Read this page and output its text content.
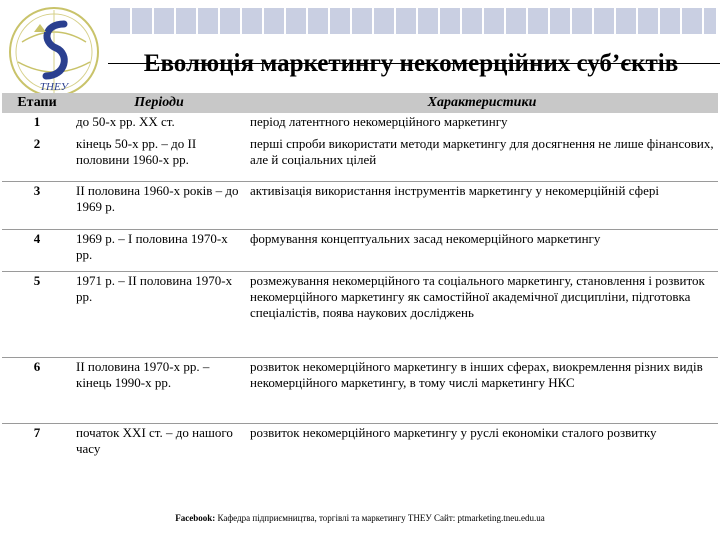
TНЕУ
Еволюція маркетингу некомерційних суб’єктів
Етапи	Періоди	Характеристики
1	до 50-х рр. ХХ ст.	період латентного некомерційного маркетингу
2	кінець 50-х рр. – до ІІ половини 1960-х рр.	перші спроби використати методи маркетингу для досягнення не лише фінансових, але й соціальних цілей
3	ІІ половина 1960-х років – до 1969 р.	активізація використання інструментів маркетингу у некомерційній сфері
4	1969 р. – І половина 1970-х рр.	формування концептуальних засад некомерційного маркетингу
5	1971 р. – ІІ половина 1970-х рр.	розмежування некомерційного та соціального маркетингу, становлення і розвиток некомерційного маркетингу як самостійної академічної дисципліни, підготовка спеціалістів, поява наукових досліджень
6	ІІ половина 1970-х рр. – кінець 1990-х рр.	розвиток некомерційного маркетингу в інших сферах, виокремлення різних видів некомерційного маркетингу, в тому числі маркетингу НКС
7	початок ХХІ ст. – до нашого часу	розвиток некомерційного маркетингу у руслі економіки сталого розвитку
Facebook: Кафедра підприємництва, торгівлі та маркетингу ТНЕУ Сайт: ptmarketing.tneu.edu.ua
